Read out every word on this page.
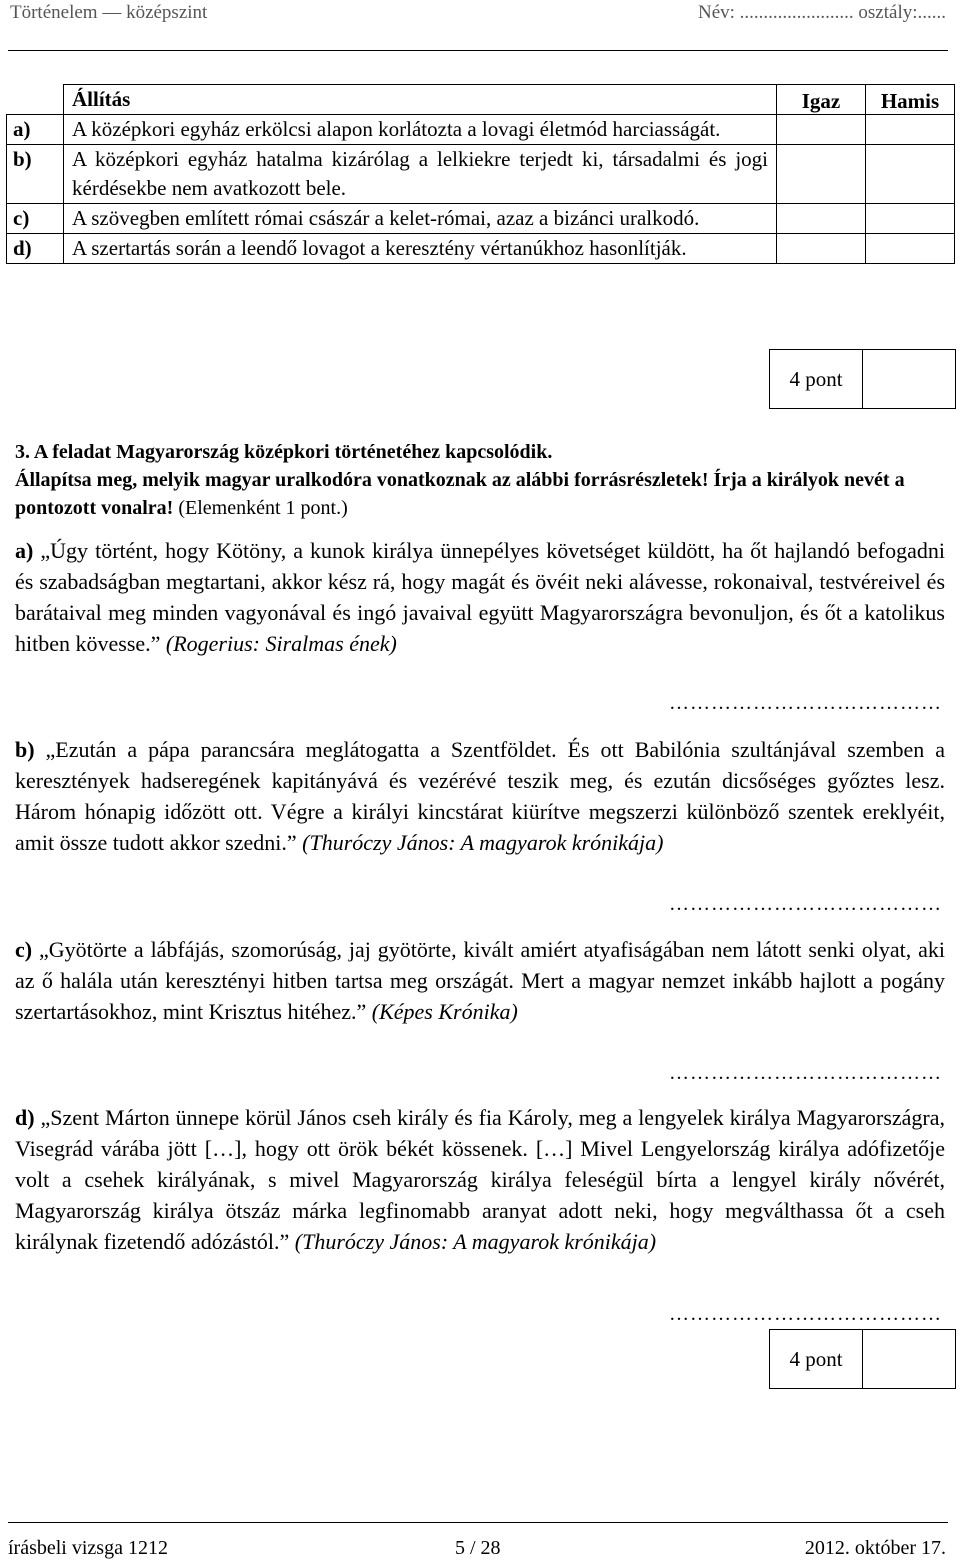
Történelem — középszint	Név: ........................ osztály:......
	Állítás	Igaz	Hamis
a)	A középkori egyház erkölcsi alapon korlátozta a lovagi életmód harciasságát.		
b)	A középkori egyház hatalma kizárólag a lelkiekre terjedt ki, társadalmi és jogi kérdésekbe nem avatkozott bele.		
c)	A szövegben említett római császár a kelet-római, azaz a bizánci uralkodó.		
d)	A szertartás során a leendő lovagot a keresztény vértanúkhoz hasonlítják.		
4 pont
3. A feladat Magyarország középkori történetéhez kapcsolódik.
Állapítsa meg, melyik magyar uralkodóra vonatkoznak az alábbi forrásrészletek! Írja a királyok nevét a pontozott vonalra! (Elemenként 1 pont.)

a) „Úgy történt, hogy Kötöny, a kunok királya ünnepélyes követséget küldött, ha őt hajlandó befogadni és szabadságban megtartani, akkor kész rá, hogy magát és övéit neki alávesse, rokonaival, testvéreivel és barátaival meg minden vagyonával és ingó javaival együtt Magyarországra bevonuljon, és őt a katolikus hitben kövesse.” (Rogerius: Siralmas ének)

…………………………………

b) „Ezután a pápa parancsára meglátogatta a Szentföldet. És ott Babilónia szultánjával szemben a keresztények hadseregének kapitányává és vezérévé teszik meg, és ezután dicsőséges győztes lesz. Három hónapig időzött ott. Végre a királyi kincstárat kiürítve megszerzi különböző szentek ereklyéit, amit össze tudott akkor szedni.” (Thuróczy János: A magyarok krónikája)

…………………………………

c) „Gyötörte a lábfájás, szomorúság, jaj gyötörte, kivált amiért atyafiságában nem látott senki olyat, aki az ő halála után keresztényi hitben tartsa meg országát. Mert a magyar nemzet inkább hajlott a pogány szertartásokhoz, mint Krisztus hitéhez.” (Képes Krónika)

…………………………………

d) „Szent Márton ünnepe körül János cseh király és fia Károly, meg a lengyelek királya Magyarországra, Visegrád várába jött […], hogy ott örök békét kössenek. […] Mivel Lengyelország királya adófizetője volt a csehek királyának, s mivel Magyarország királya feleségül bírta a lengyel király nővérét, Magyarország királya ötszáz márka legfinomabb aranyat adott neki, hogy megválthassa őt a cseh királynak fizetendő adózástól.” (Thuróczy János: A magyarok krónikája)

…………………………………
4 pont
írásbeli vizsga 1212	5 / 28	2012. október 17.
